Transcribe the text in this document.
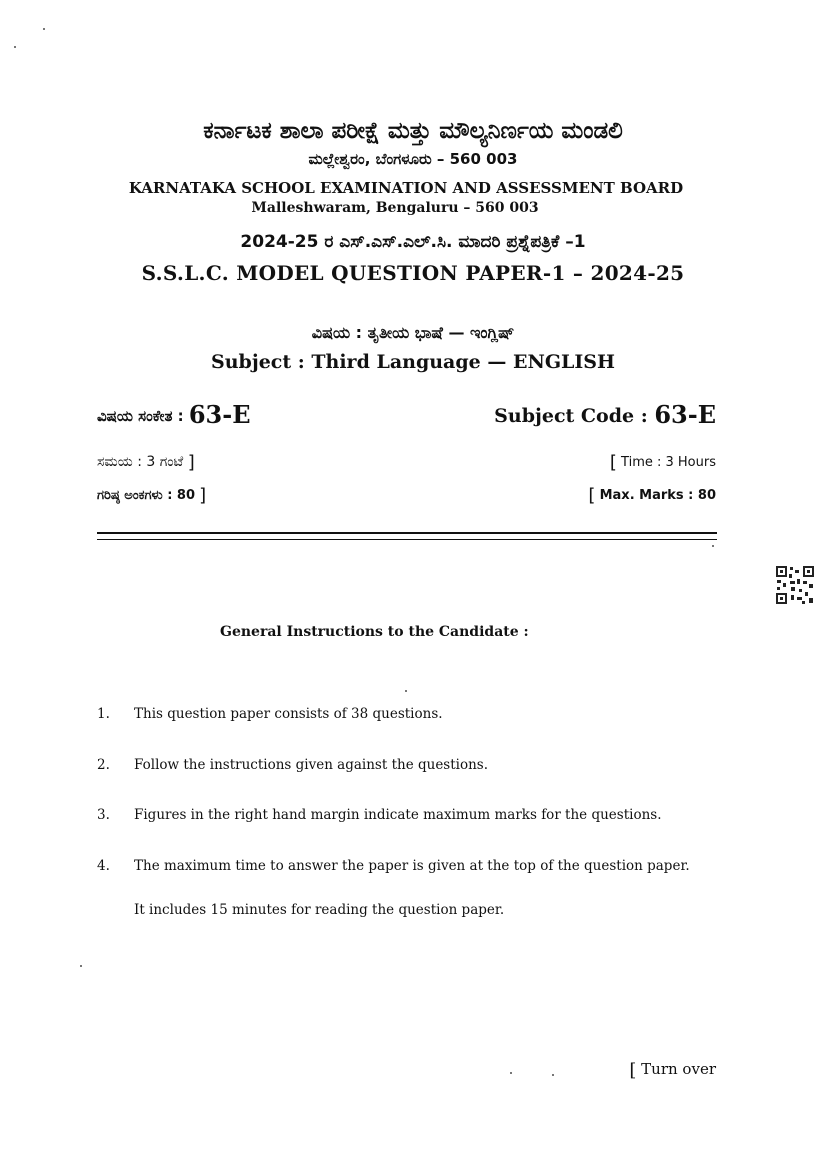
ಕರ್ನಾಟಕ ಶಾಲಾ ಪರೀಕ್ಷೆ ಮತ್ತು ಮೌಲ್ಯನಿರ್ಣಯ ಮಂಡಲಿ
ಮಲ್ಲೇಶ್ವರಂ, ಬೆಂಗಳೂರು – 560 003
KARNATAKA SCHOOL EXAMINATION AND ASSESSMENT BOARD
Malleshwaram, Bengaluru – 560 003
2024-25 ರ ಎಸ್.ಎಸ್.ಎಲ್.ಸಿ. ಮಾದರಿ ಪ್ರಶ್ನೆಪತ್ರಿಕೆ –1
S.S.L.C. MODEL QUESTION PAPER-1 – 2024-25
ವಿಷಯ : ತೃತೀಯ ಭಾಷೆ — ಇಂಗ್ಲಿಷ್
Subject : Third Language — ENGLISH
ವಿಷಯ ಸಂಕೇತ : 63-E	Subject Code : 63-E
ಸಮಯ : 3 ಗಂಟೆ ]	[ Time : 3 Hours
ಗರಿಷ್ಠ ಅಂಕಗಳು : 80 ]	[ Max. Marks : 80
General Instructions to the Candidate :
1. This question paper consists of 38 questions.
2. Follow the instructions given against the questions.
3. Figures in the right hand margin indicate maximum marks for the questions.
4. The maximum time to answer the paper is given at the top of the question paper.
It includes 15 minutes for reading the question paper.
[ Turn over
